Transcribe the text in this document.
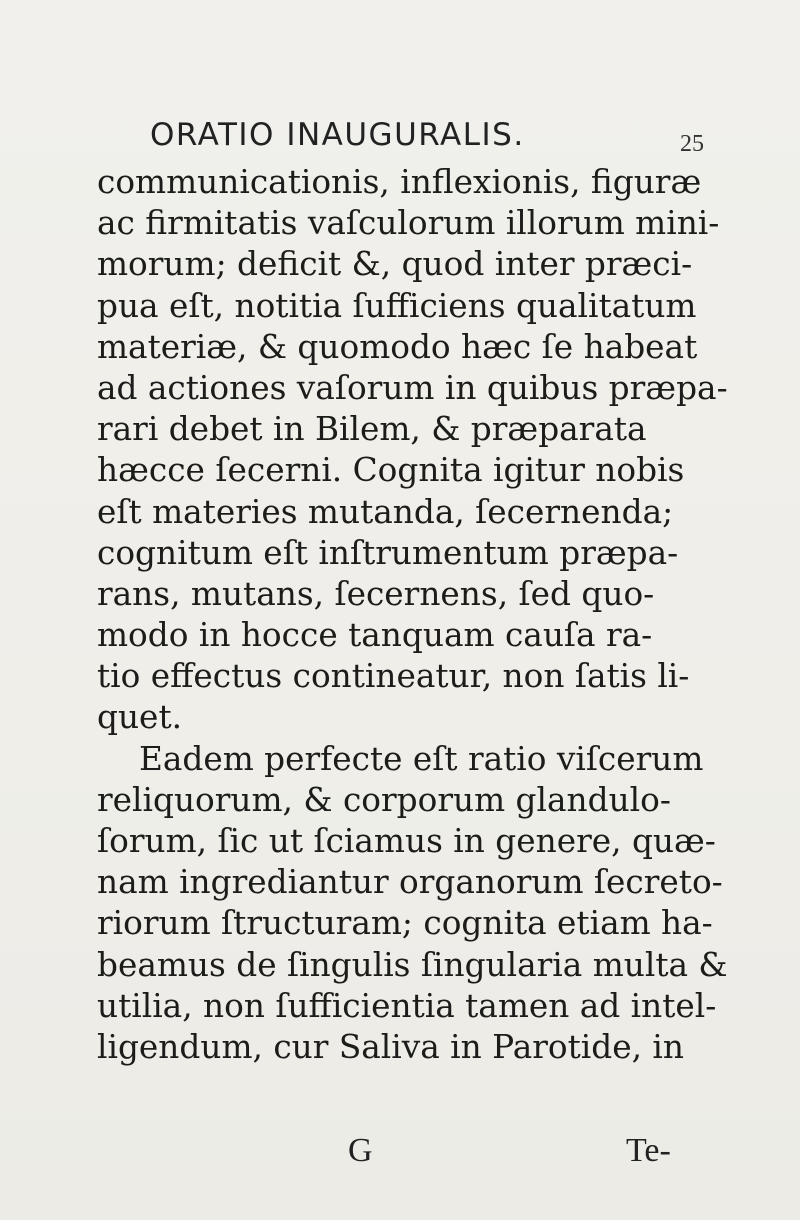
ORATIO INAUGURALIS.	25
communicationis, inflexionis, figuræ
ac firmitatis vaſculorum illorum mini-
morum; deficit &, quod inter præci-
pua eſt, notitia ſufficiens qualitatum
materiæ, & quomodo hæc ſe habeat
ad actiones vaſorum in quibus præpa-
rari debet in Bilem, & præparata
hæcce ſecerni. Cognita igitur nobis
eſt materies mutanda, ſecernenda;
cognitum eſt inſtrumentum præpa-
rans, mutans, ſecernens, ſed quo-
modo in hocce tanquam cauſa ra-
tio effectus contineatur, non ſatis li-
quet.
Eadem perfecte eſt ratio viſcerum
reliquorum, & corporum glandulo-
ſorum, ſic ut ſciamus in genere, quæ-
nam ingrediantur organorum ſecreto-
riorum ſtructuram; cognita etiam ha-
beamus de ſingulis ſingularia multa &
utilia, non ſufficientia tamen ad intel-
ligendum, cur Saliva in Parotide, in
G	Te-
